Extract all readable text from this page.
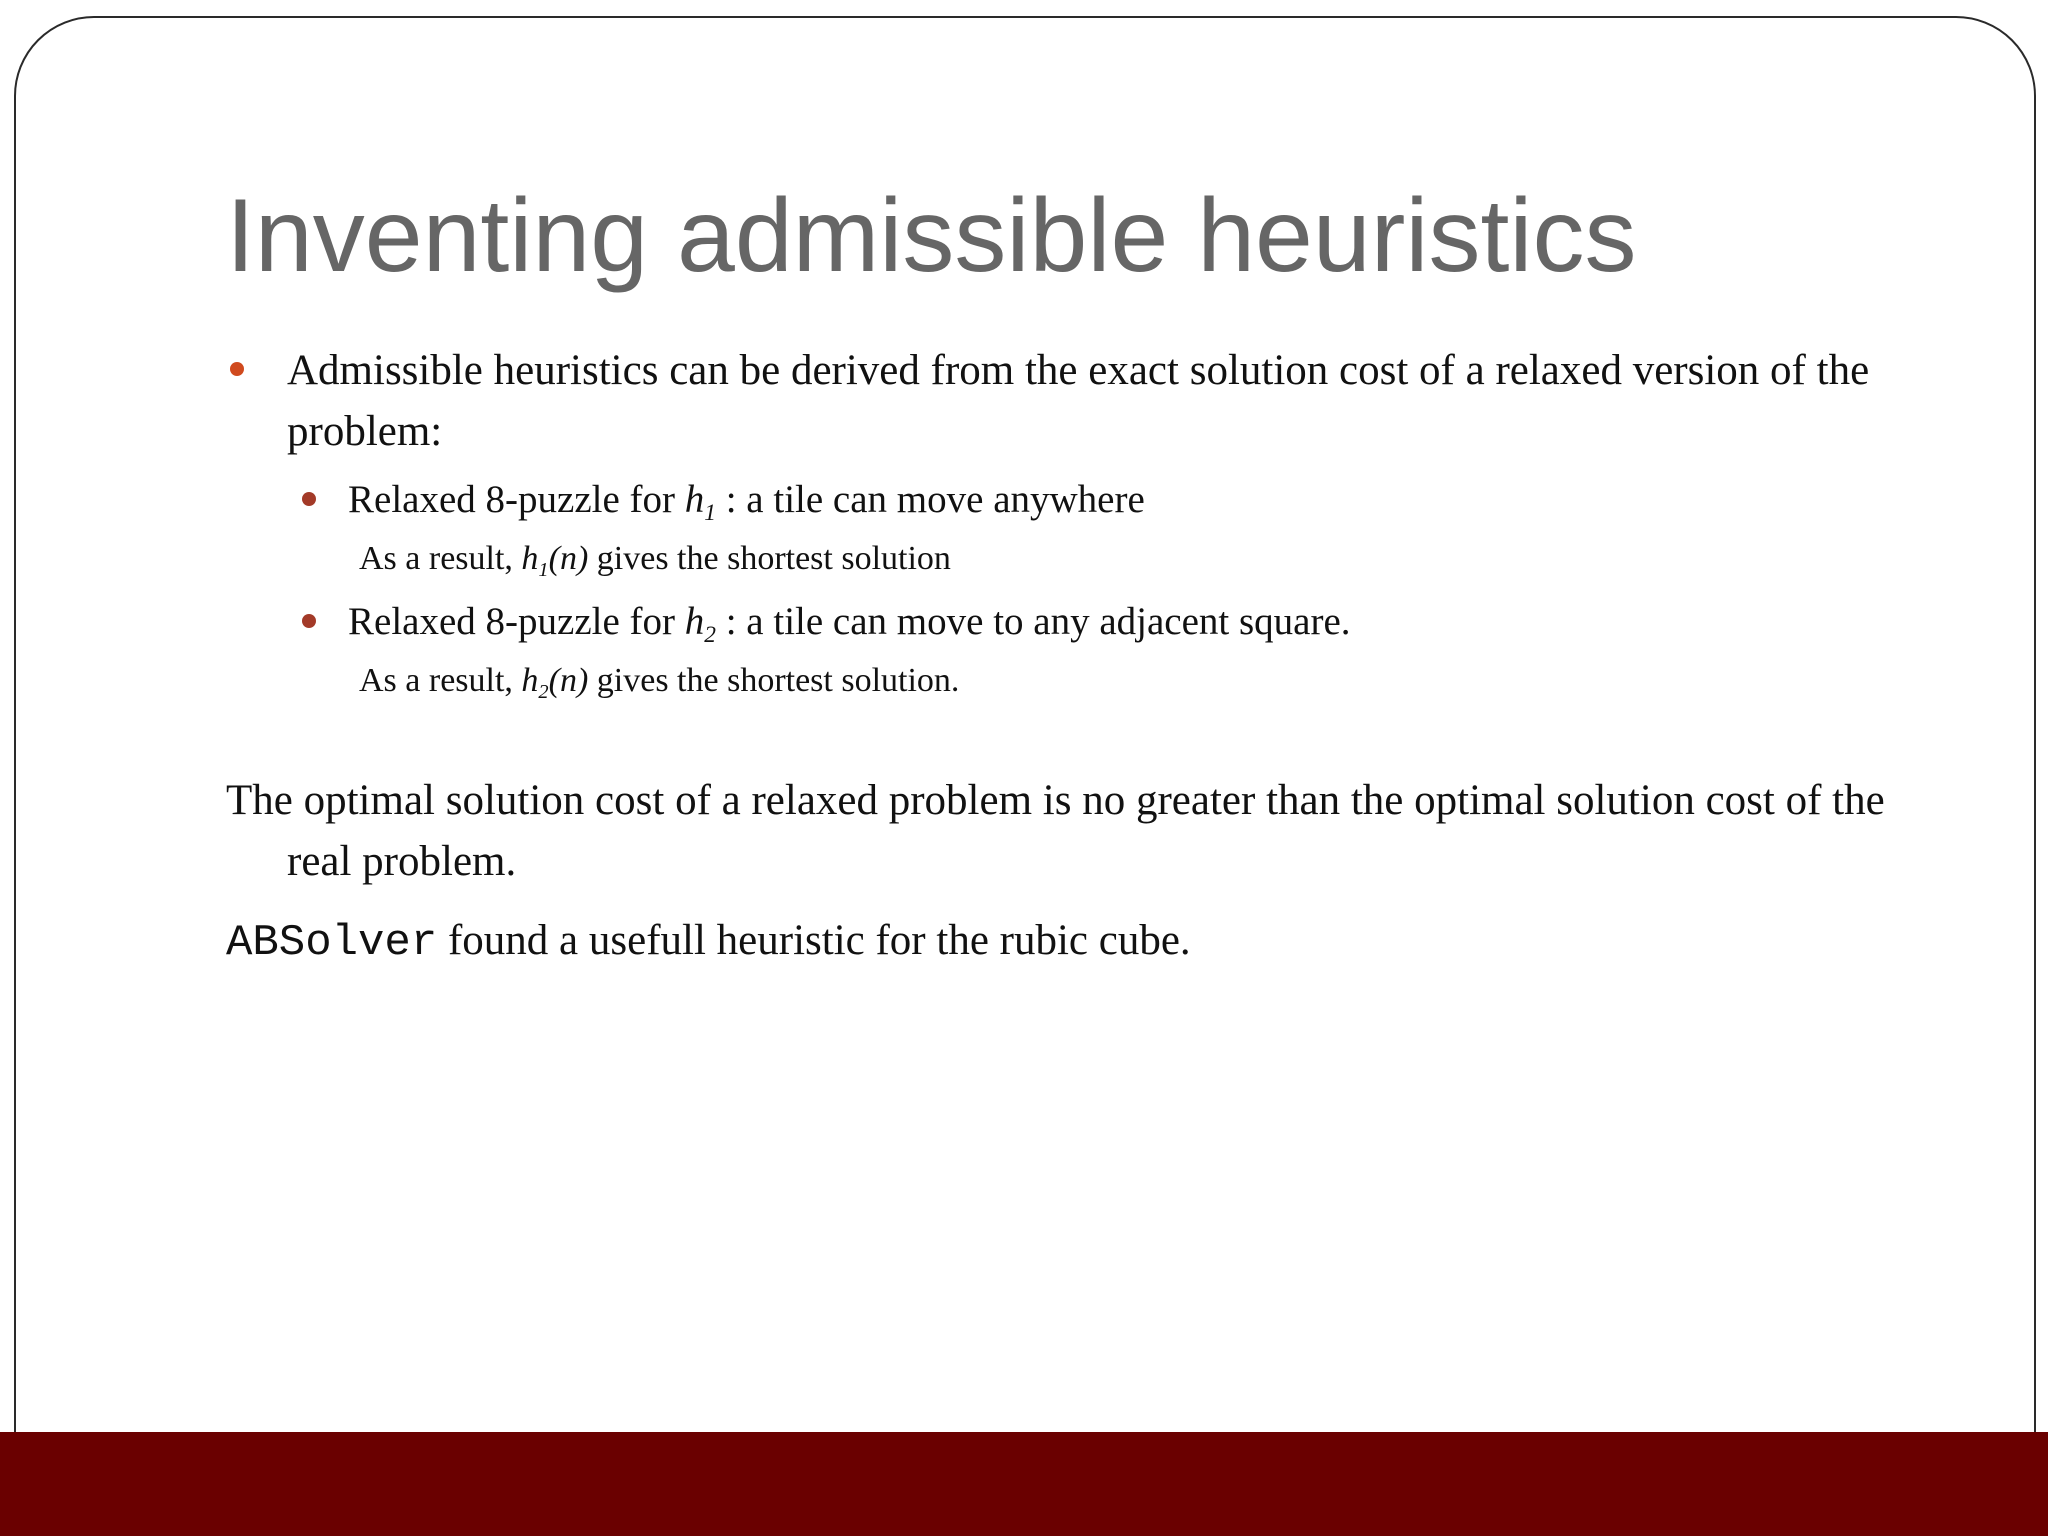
Inventing admissible heuristics

Admissible heuristics can be derived from the exact solution cost of a relaxed version of the problem:

Relaxed 8-puzzle for $h_1$ : a tile can move anywhere

As a result, $h_1(n)$ gives the shortest solution

Relaxed 8-puzzle for $h_2$ : a tile can move to any adjacent square.

As a result, $h_2(n)$ gives the shortest solution.

The optimal solution cost of a relaxed problem is no greater than the optimal solution cost of the real problem.

ABSolver found a usefull heuristic for the rubic cube.
